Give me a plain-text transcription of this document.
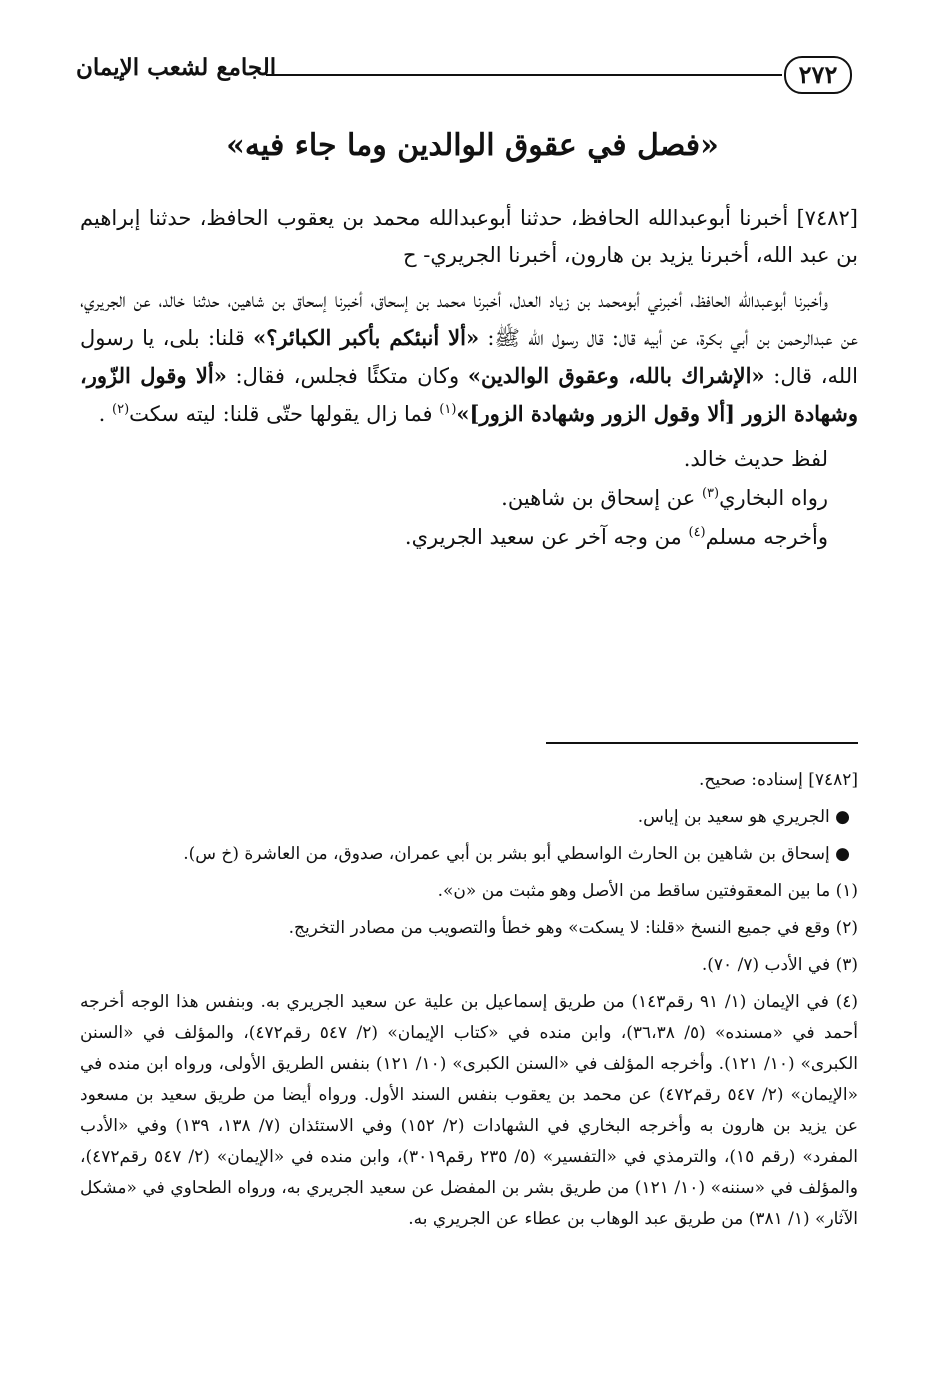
٢٧٢
الجامع لشعب الإيمان
«فصل في عقوق الوالدين وما جاء فيه»

[٧٤٨٢] أخبرنا أبوعبدالله الحافظ، حدثنا أبوعبدالله محمد بن يعقوب الحافظ، حدثنا إبراهيم بن عبد الله، أخبرنا يزيد بن هارون، أخبرنا الجريري- ح

وأخبرنا أبوعبدالله الحافظ، أخبرني أبومحمد بن زياد العدل، أخبرنا محمد بن إسحاق، أخبرنا إسحاق بن شاهين، حدثنا خالد، عن الجريري، عن عبدالرحمن بن أبي بكرة، عن أبيه قال: قال رسول الله ﷺ: «ألا أنبئكم بأكبر الكبائر؟» قلنا: بلى، يا رسول الله، قال: «الإشراك بالله، وعقوق الوالدين» وكان متكئًا فجلس، فقال: «ألا وقول الزّور، وشهادة الزور [ألا وقول الزور وشهادة الزور]»$^{(١)}$ فما زال يقولها حتّى قلنا: ليته سكت$^{(٢)}$ .

لفظ حديث خالد.

رواه البخاري$^{(٣)}$ عن إسحاق بن شاهين.

وأخرجه مسلم$^{(٤)}$ من وجه آخر عن سعيد الجريري.

[٧٤٨٢] إسناده: صحيح.

● الجريري هو سعيد بن إياس.

● إسحاق بن شاهين بن الحارث الواسطي أبو بشر بن أبي عمران، صدوق، من العاشرة (خ س).

(١) ما بين المعقوفتين ساقط من الأصل وهو مثبت من «ن».

(٢) وقع في جميع النسخ «قلنا: لا يسكت» وهو خطأ والتصويب من مصادر التخريج.

(٣) في الأدب (٧/ ٧٠).

(٤) في الإيمان (١/ ٩١ رقم١٤٣) من طريق إسماعيل بن علية عن سعيد الجريري به. وبنفس هذا الوجه أخرجه أحمد في «مسنده» (٥/ ٣٦،٣٨)، وابن منده في «كتاب الإيمان» (٢/ ٥٤٧ رقم٤٧٢)، والمؤلف في «السنن الكبرى» (١٠/ ١٢١). وأخرجه المؤلف في «السنن الكبرى» (١٠/ ١٢١) بنفس الطريق الأولى، ورواه ابن منده في «الإيمان» (٢/ ٥٤٧ رقم٤٧٢) عن محمد بن يعقوب بنفس السند الأول. ورواه أيضا من طريق سعيد بن مسعود عن يزيد بن هارون به وأخرجه البخاري في الشهادات (٢/ ١٥٢) وفي الاستئذان (٧/ ١٣٨، ١٣٩) وفي «الأدب المفرد» (رقم ١٥)، والترمذي في «التفسير» (٥/ ٢٣٥ رقم٣٠١٩)، وابن منده في «الإيمان» (٢/ ٥٤٧ رقم٤٧٢)، والمؤلف في «سننه» (١٠/ ١٢١) من طريق بشر بن المفضل عن سعيد الجريري به، ورواه الطحاوي في «مشكل الآثار» (١/ ٣٨١) من طريق عبد الوهاب بن عطاء عن الجريري به.
